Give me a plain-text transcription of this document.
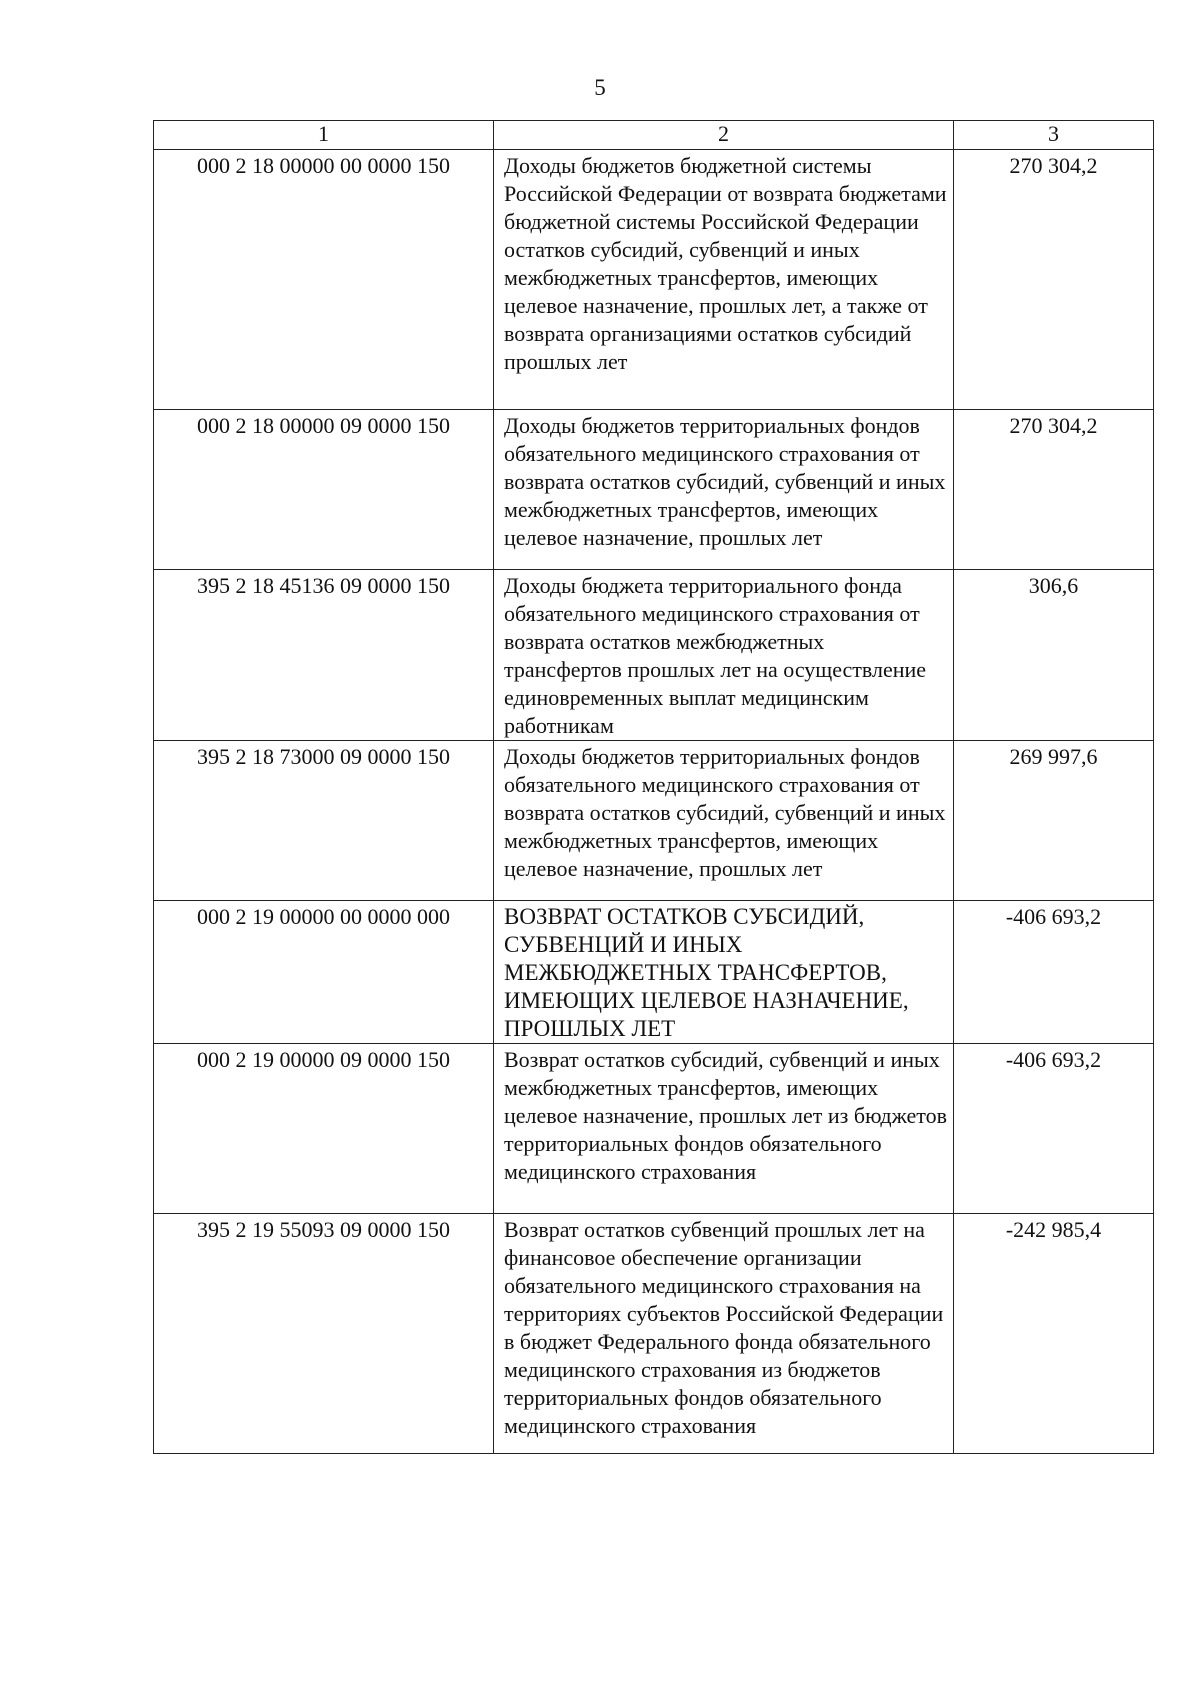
5
1	2	3
000 2 18 00000 00 0000 150	Доходы бюджетов бюджетной системы Российской Федерации от возврата бюджетами бюджетной системы Российской Федерации остатков субсидий, субвенций и иных межбюджетных трансфертов, имеющих целевое назначение, прошлых лет, а также от возврата организациями остатков субсидий прошлых лет	270 304,2
000 2 18 00000 09 0000 150	Доходы бюджетов территориальных фондов обязательного медицинского страхования от возврата остатков субсидий, субвенций и иных межбюджетных трансфертов, имеющих целевое назначение, прошлых лет	270 304,2
395 2 18 45136 09 0000 150	Доходы бюджета территориального фонда обязательного медицинского страхования от возврата остатков межбюджетных трансфертов прошлых лет на осуществление единовременных выплат медицинским работникам	306,6
395 2 18 73000 09 0000 150	Доходы бюджетов территориальных фондов обязательного медицинского страхования от возврата остатков субсидий, субвенций и иных межбюджетных трансфертов, имеющих целевое назначение, прошлых лет	269 997,6
000 2 19 00000 00 0000 000	ВОЗВРАТ ОСТАТКОВ СУБСИДИЙ, СУБВЕНЦИЙ И ИНЫХ МЕЖБЮДЖЕТНЫХ ТРАНСФЕРТОВ, ИМЕЮЩИХ ЦЕЛЕВОЕ НАЗНАЧЕНИЕ, ПРОШЛЫХ ЛЕТ	-406 693,2
000 2 19 00000 09 0000 150	Возврат остатков субсидий, субвенций и иных межбюджетных трансфертов, имеющих целевое назначение, прошлых лет из бюджетов территориальных фондов обязательного медицинского страхования	-406 693,2
395 2 19 55093 09 0000 150	Возврат остатков субвенций прошлых лет на финансовое обеспечение организации обязательного медицинского страхования на территориях субъектов Российской Федерации в бюджет Федерального фонда обязательного медицинского страхования из бюджетов территориальных фондов обязательного медицинского страхования	-242 985,4
